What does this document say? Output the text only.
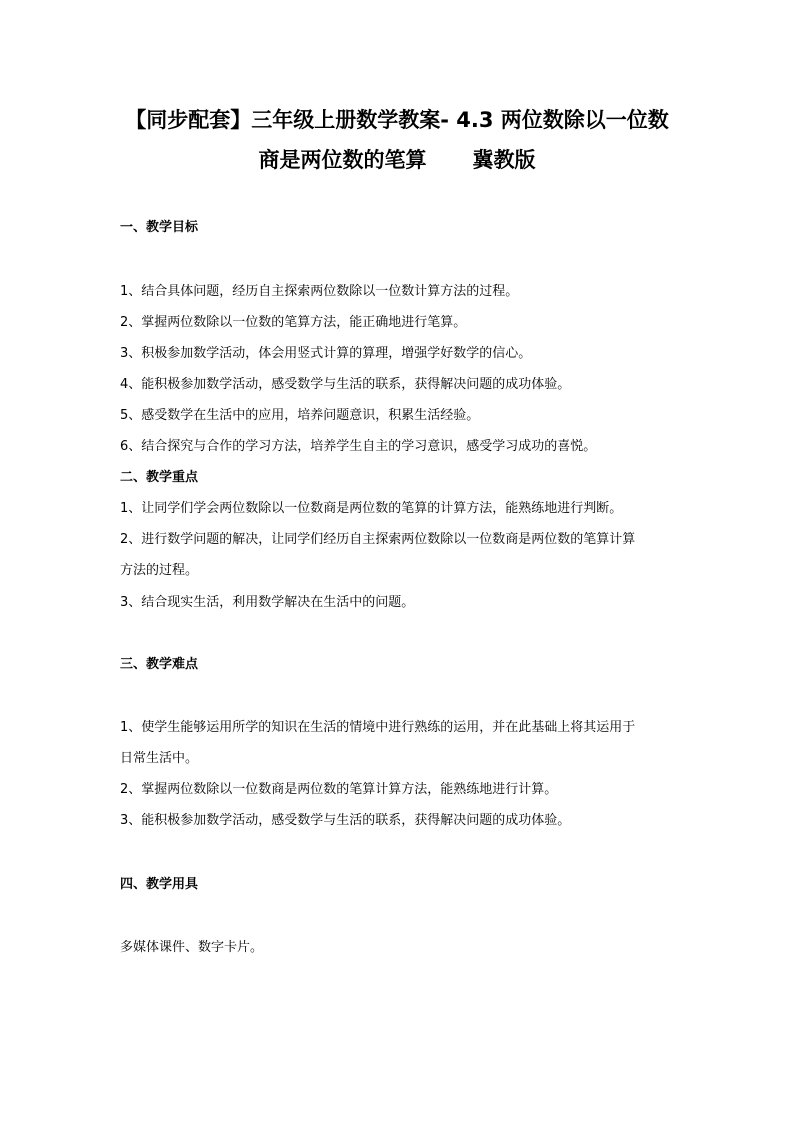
【同步配套】三年级上册数学教案- 4.3 两位数除以一位数
商是两位数的笔算 冀教版
一、教学目标
1、结合具体问题，经历自主探索两位数除以一位数计算方法的过程。
2、掌握两位数除以一位数的笔算方法，能正确地进行笔算。
3、积极参加数学活动，体会用竖式计算的算理，增强学好数学的信心。
4、能积极参加数学活动，感受数学与生活的联系，获得解决问题的成功体验。
5、感受数学在生活中的应用，培养问题意识，积累生活经验。
6、结合探究与合作的学习方法，培养学生自主的学习意识，感受学习成功的喜悦。
二、教学重点
1、让同学们学会两位数除以一位数商是两位数的笔算的计算方法，能熟练地进行判断。
2、进行数学问题的解决，让同学们经历自主探索两位数除以一位数商是两位数的笔算计算
方法的过程。
3、结合现实生活，利用数学解决在生活中的问题。
三、教学难点
1、使学生能够运用所学的知识在生活的情境中进行熟练的运用，并在此基础上将其运用于
日常生活中。
2、掌握两位数除以一位数商是两位数的笔算计算方法，能熟练地进行计算。
3、能积极参加数学活动，感受数学与生活的联系，获得解决问题的成功体验。
四、教学用具
多媒体课件、数字卡片。
